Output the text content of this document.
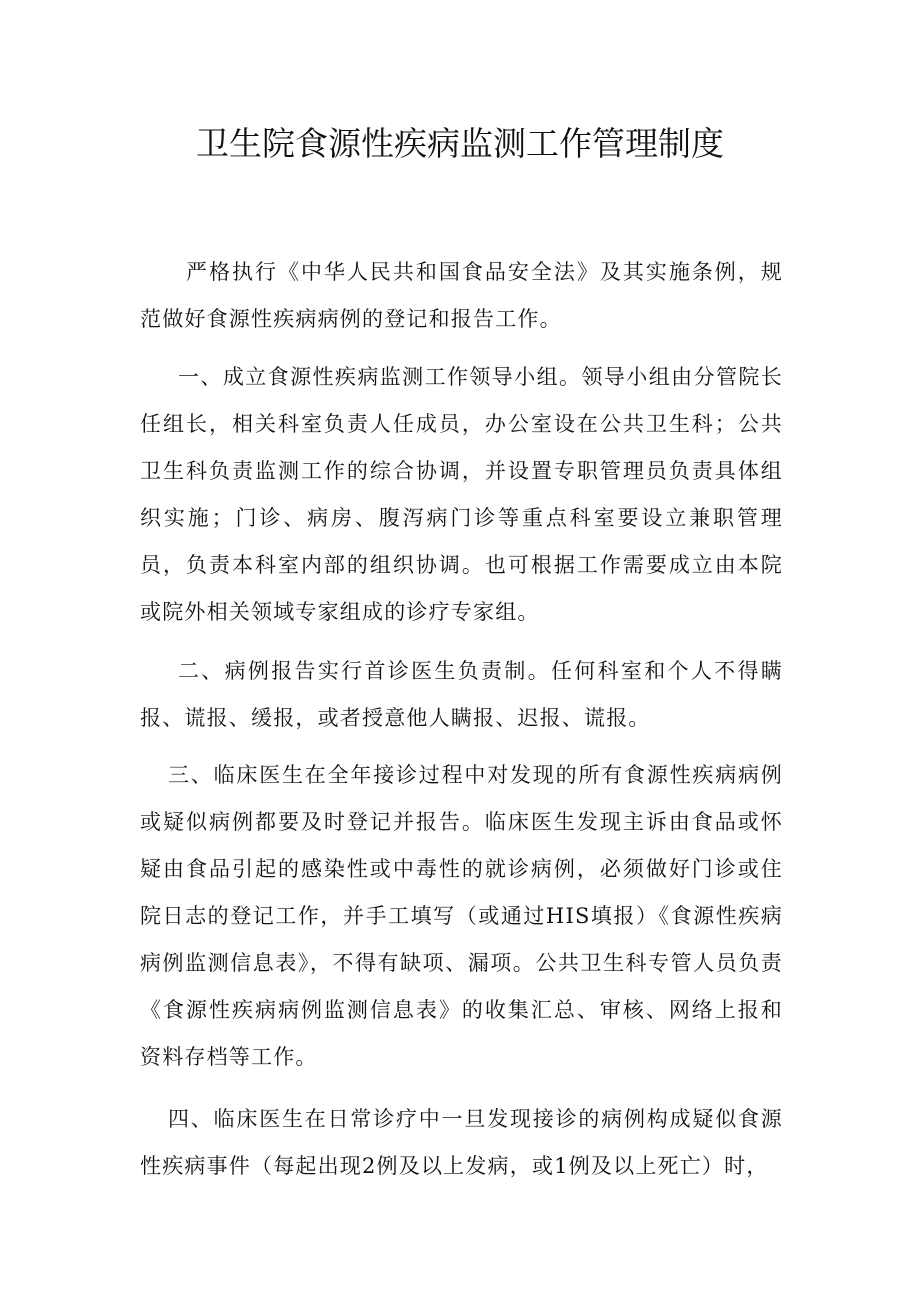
卫生院食源性疾病监测工作管理制度

严格执行《中华人民共和国食品安全法》及其实施条例，规范做好食源性疾病病例的登记和报告工作。

一、成立食源性疾病监测工作领导小组。领导小组由分管院长任组长，相关科室负责人任成员，办公室设在公共卫生科；公共卫生科负责监测工作的综合协调，并设置专职管理员负责具体组织实施；门诊、病房、腹泻病门诊等重点科室要设立兼职管理员，负责本科室内部的组织协调。也可根据工作需要成立由本院或院外相关领域专家组成的诊疗专家组。

二、病例报告实行首诊医生负责制。任何科室和个人不得瞒报、谎报、缓报，或者授意他人瞒报、迟报、谎报。

三、临床医生在全年接诊过程中对发现的所有食源性疾病病例或疑似病例都要及时登记并报告。临床医生发现主诉由食品或怀疑由食品引起的感染性或中毒性的就诊病例，必须做好门诊或住院日志的登记工作，并手工填写（或通过HIS填报）《食源性疾病病例监测信息表》，不得有缺项、漏项。公共卫生科专管人员负责《食源性疾病病例监测信息表》的收集汇总、审核、网络上报和资料存档等工作。

四、临床医生在日常诊疗中一旦发现接诊的病例构成疑似食源性疾病事件（每起出现2例及以上发病，或1例及以上死亡）时，
